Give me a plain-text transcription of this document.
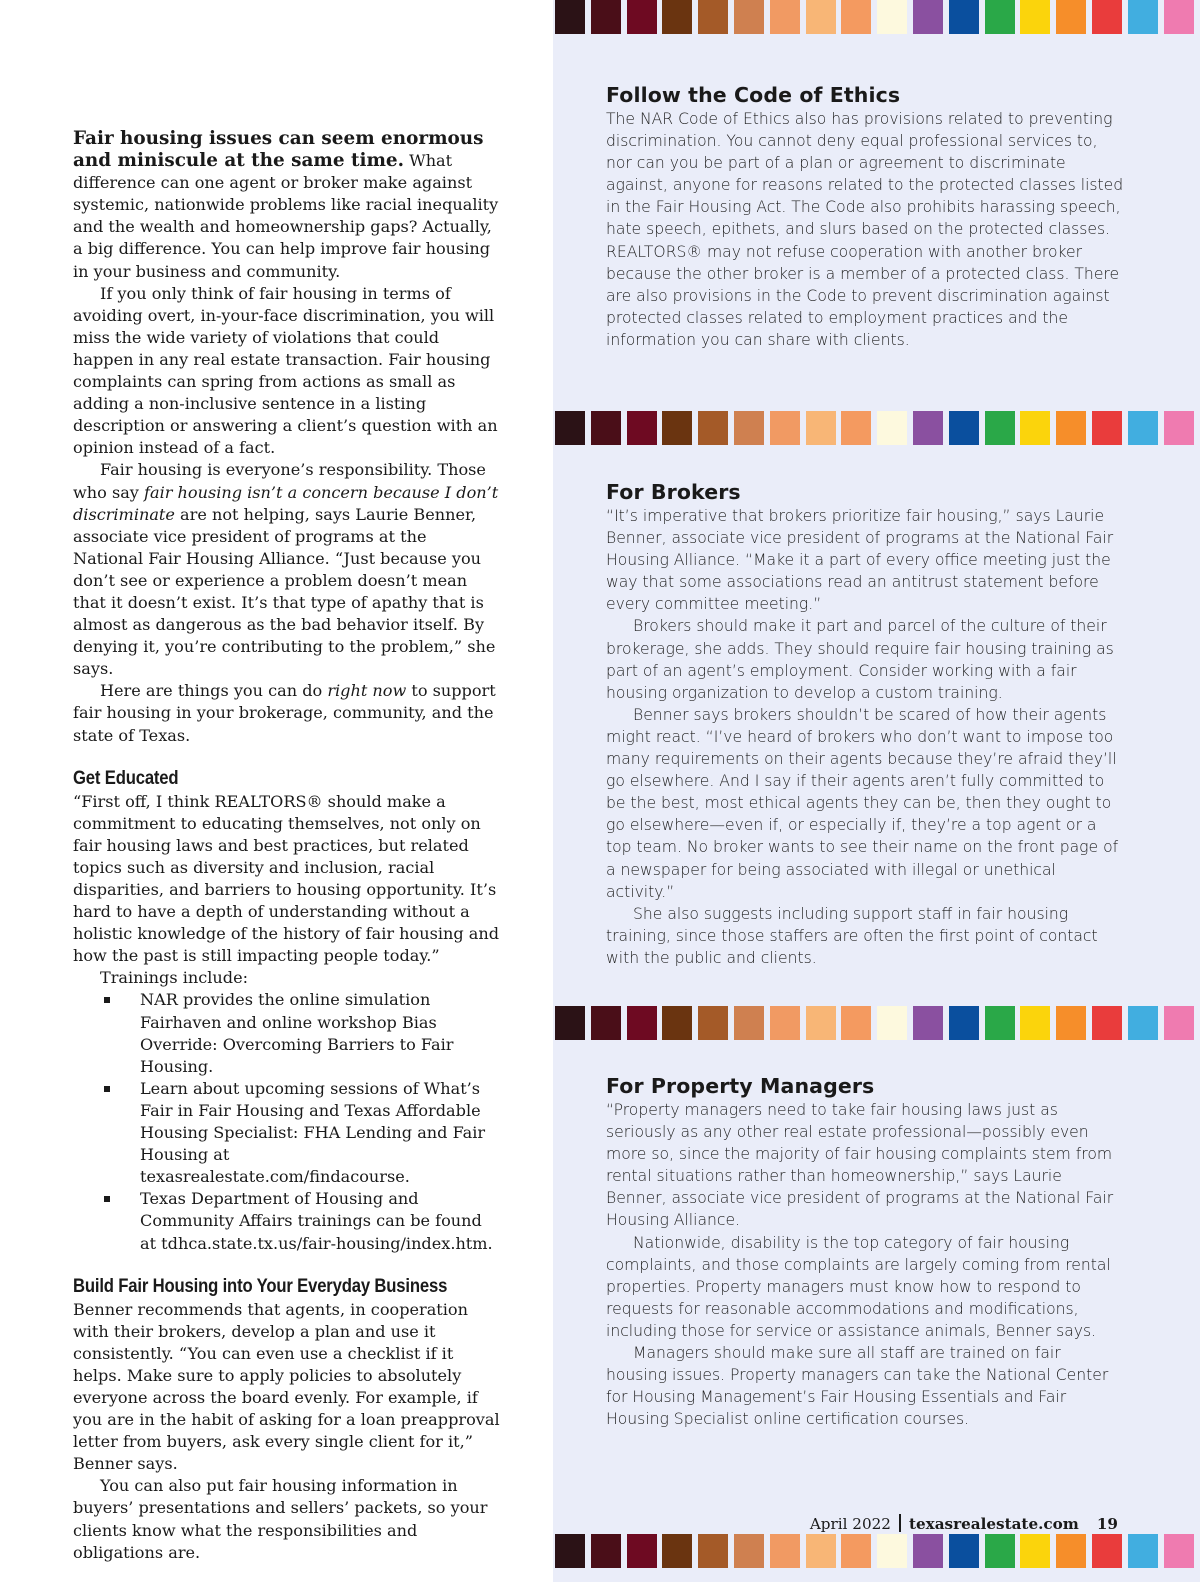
Fair housing issues can seem enormous and miniscule at the same time. What difference can one agent or broker make against systemic, nationwide problems like racial inequality and the wealth and homeownership gaps? Actually, a big difference. You can help improve fair housing in your business and community.

If you only think of fair housing in terms of avoiding overt, in-your-face discrimination, you will miss the wide variety of violations that could happen in any real estate transaction. Fair housing complaints can spring from actions as small as adding a non-inclusive sentence in a listing description or answering a client’s question with an opinion instead of a fact.

Fair housing is everyone’s responsibility. Those who say fair housing isn’t a concern because I don’t discriminate are not helping, says Laurie Benner, associate vice president of programs at the National Fair Housing Alliance. “Just because you don’t see or experience a problem doesn’t mean that it doesn’t exist. It’s that type of apathy that is almost as dangerous as the bad behavior itself. By denying it, you’re contributing to the problem,” she says.

Here are things you can do right now to support fair housing in your brokerage, community, and the state of Texas.

Get Educated

“First off, I think REALTORS® should make a commitment to educating themselves, not only on fair housing laws and best practices, but related topics such as diversity and inclusion, racial disparities, and barriers to housing opportunity. It’s hard to have a depth of understanding without a holistic knowledge of the history of fair housing and how the past is still impacting people today.”

Trainings include:

NAR provides the online simulation Fairhaven and online workshop Bias Override: Overcoming Barriers to Fair Housing.
Learn about upcoming sessions of What’s Fair in Fair Housing and Texas Affordable Housing Specialist: FHA Lending and Fair Housing at texasrealestate.com/findacourse.
Texas Department of Housing and Community Affairs trainings can be found at tdhca.state.tx.us/fair-housing/index.htm.
Build Fair Housing into Your Everyday Business

Benner recommends that agents, in cooperation with their brokers, develop a plan and use it consistently. “You can even use a checklist if it helps. Make sure to apply policies to absolutely everyone across the board evenly. For example, if you are in the habit of asking for a loan preapproval letter from buyers, ask every single client for it,” Benner says.

You can also put fair housing information in buyers’ presentations and sellers’ packets, so your clients know what the responsibilities and obligations are.

Follow the Code of Ethics

The NAR Code of Ethics also has provisions related to preventing discrimination. You cannot deny equal professional services to, nor can you be part of a plan or agreement to discriminate against, anyone for reasons related to the protected classes listed in the Fair Housing Act. The Code also prohibits harassing speech, hate speech, epithets, and slurs based on the protected classes. REALTORS® may not refuse cooperation with another broker because the other broker is a member of a protected class. There are also provisions in the Code to prevent discrimination against protected classes related to employment practices and the information you can share with clients.

For Brokers

“It’s imperative that brokers prioritize fair housing,” says Laurie Benner, associate vice president of programs at the National Fair Housing Alliance. “Make it a part of every office meeting just the way that some associations read an antitrust statement before every committee meeting.”

Brokers should make it part and parcel of the culture of their brokerage, she adds. They should require fair housing training as part of an agent’s employment. Consider working with a fair housing organization to develop a custom training.

Benner says brokers shouldn’t be scared of how their agents might react. “I’ve heard of brokers who don’t want to impose too many requirements on their agents because they’re afraid they’ll go elsewhere. And I say if their agents aren’t fully committed to be the best, most ethical agents they can be, then they ought to go elsewhere—even if, or especially if, they’re a top agent or a top team. No broker wants to see their name on the front page of a newspaper for being associated with illegal or unethical activity.”

She also suggests including support staff in fair housing training, since those staffers are often the first point of contact with the public and clients.

For Property Managers

“Property managers need to take fair housing laws just as seriously as any other real estate professional—possibly even more so, since the majority of fair housing complaints stem from rental situations rather than homeownership,” says Laurie Benner, associate vice president of programs at the National Fair Housing Alliance.

Nationwide, disability is the top category of fair housing complaints, and those complaints are largely coming from rental properties. Property managers must know how to respond to requests for reasonable accommodations and modifications, including those for service or assistance animals, Benner says.

Managers should make sure all staff are trained on fair housing issues. Property managers can take the National Center for Housing Management’s Fair Housing Essentials and Fair Housing Specialist online certification courses.

April 2022 texasrealestate.com 19
